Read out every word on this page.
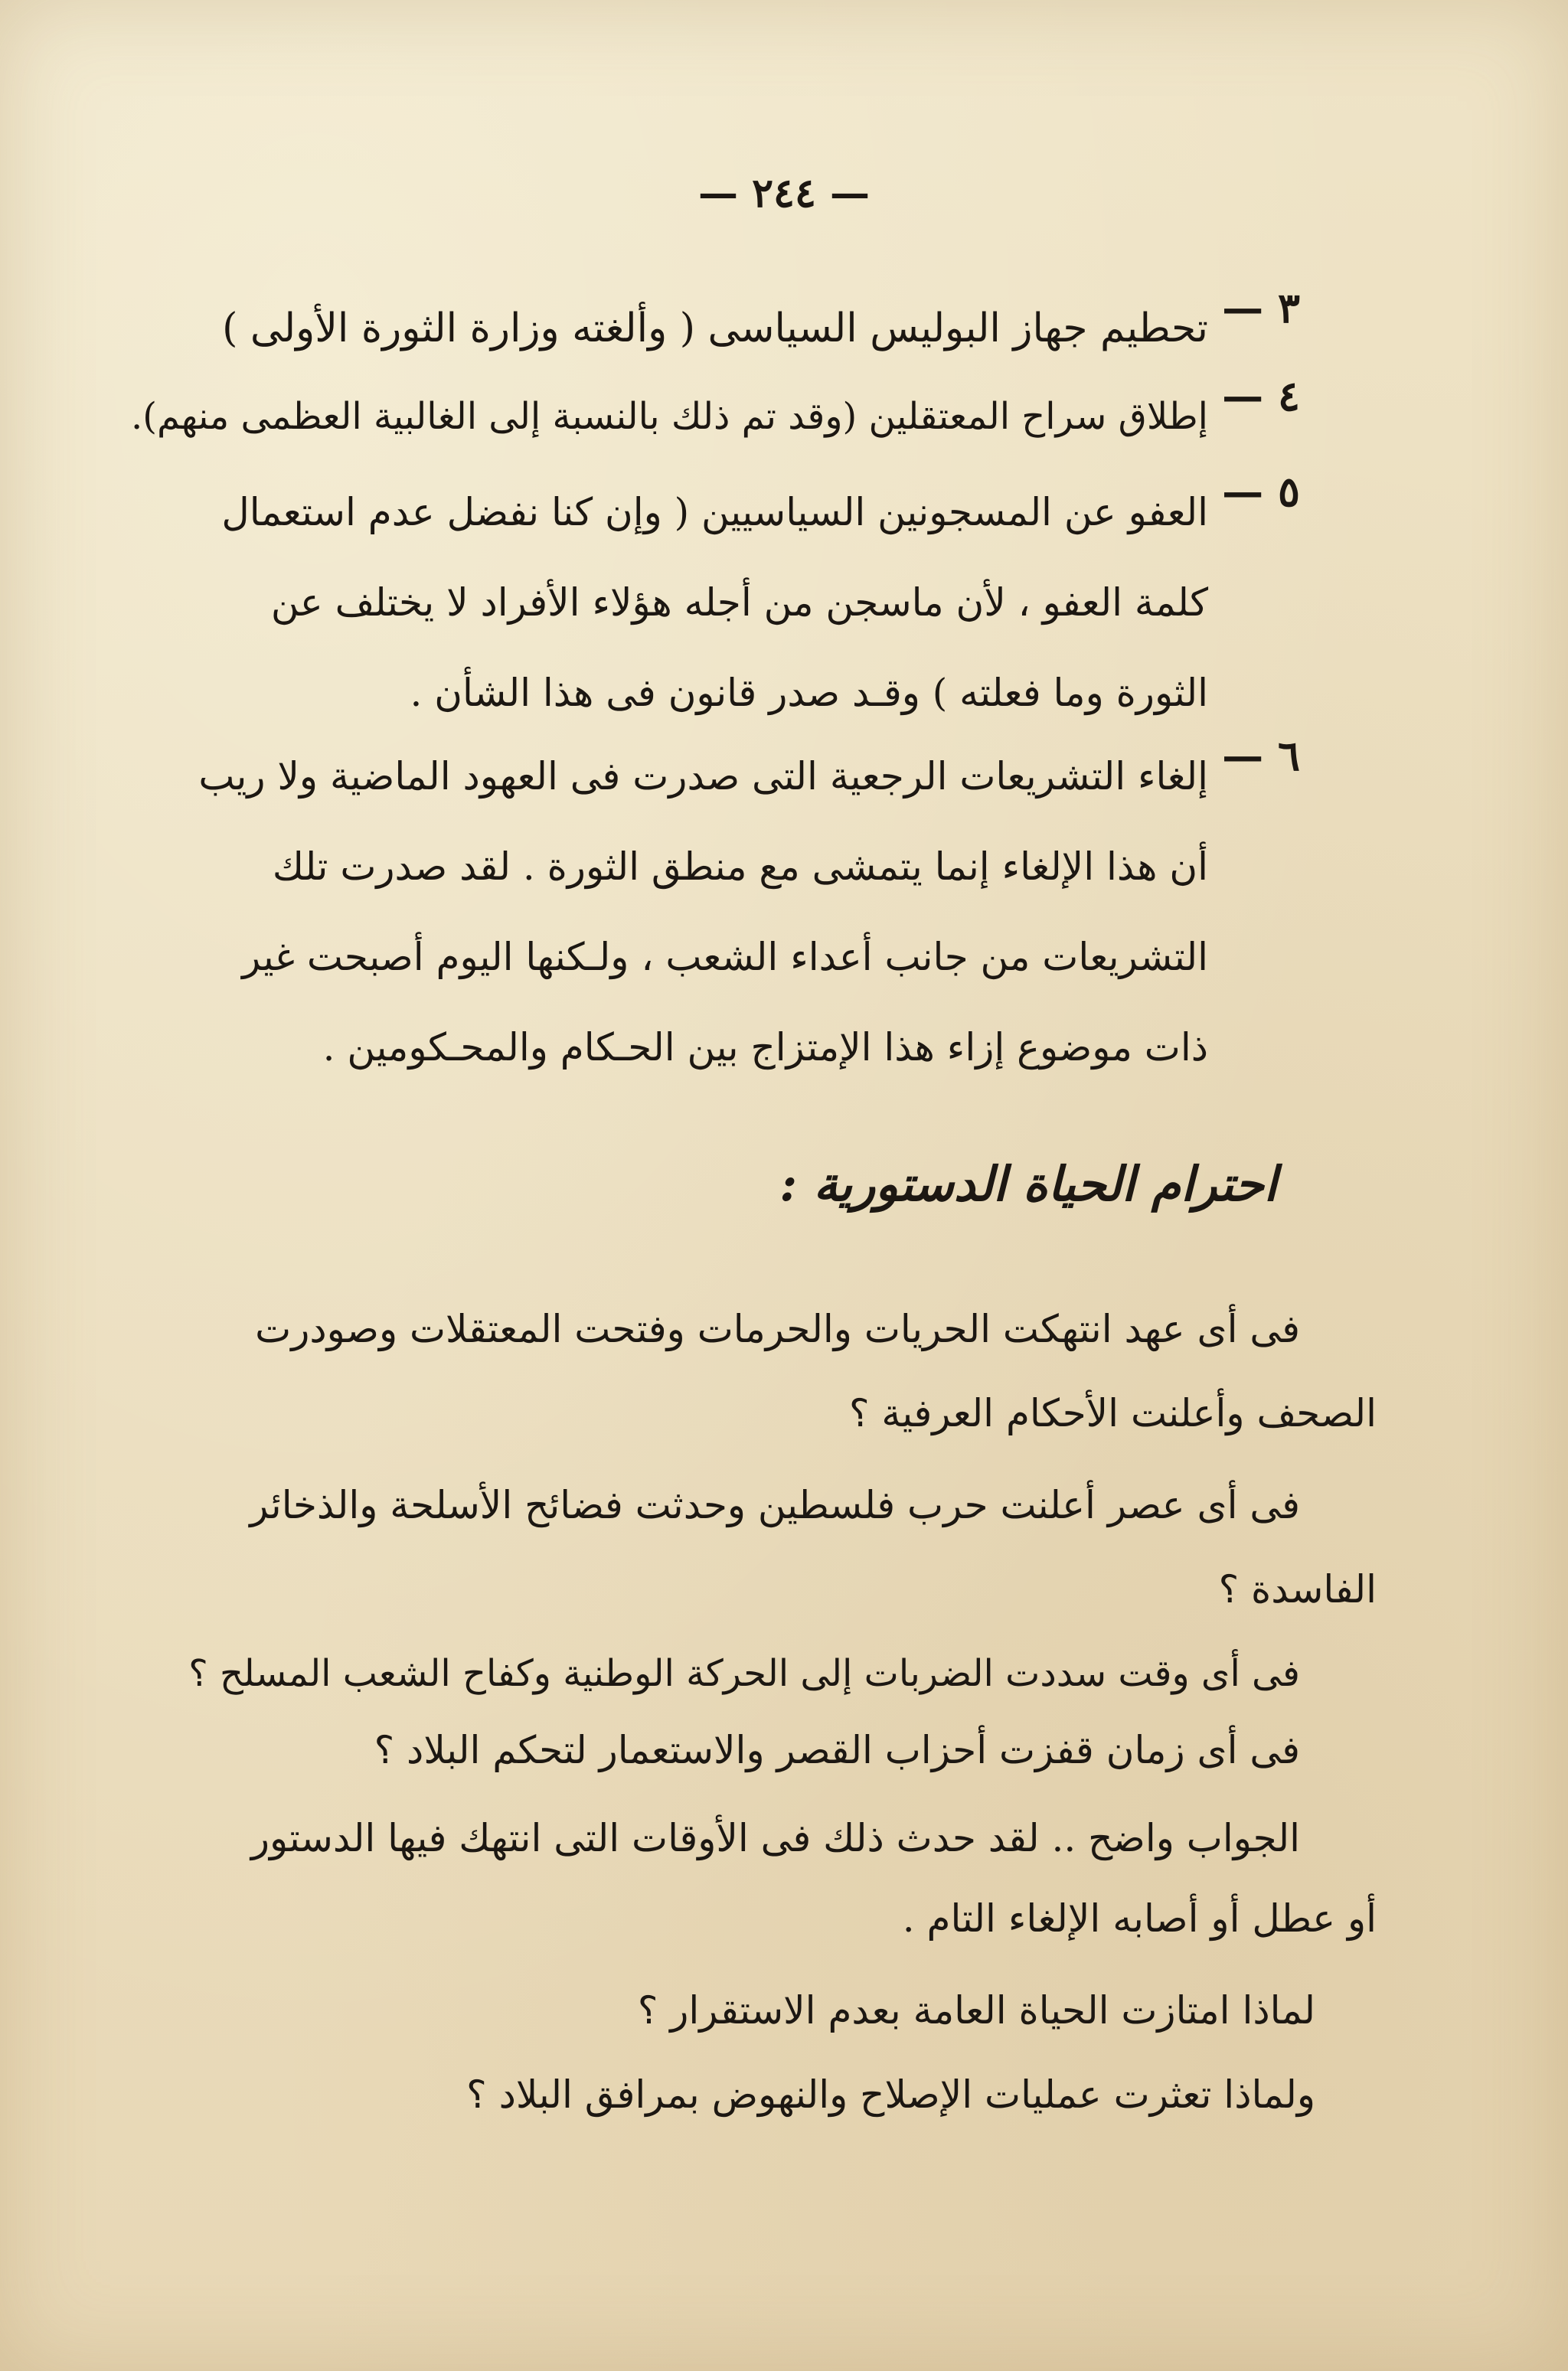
— ٢٤٤ —
٣ —
تحطيم جهاز البوليس السياسى ( وألغته وزارة الثورة الأولى )
٤ —
إطلاق سراح المعتقلين (وقد تم ذلك بالنسبة إلى الغالبية العظمى منهم).
٥ —
العفو عن المسجونين السياسيين ( وإن كنا نفضل عدم استعمال
كلمة العفو ، لأن ماسجن من أجله هؤلاء الأفراد لا يختلف عن
الثورة وما فعلته ) وقـد صدر قانون فى هذا الشأن .
٦ —
إلغاء التشريعات الرجعية التى صدرت فى العهود الماضية ولا ريب
أن هذا الإلغاء إنما يتمشى مع منطق الثورة . لقد صدرت تلك
التشريعات من جانب أعداء الشعب ، ولـكنها اليوم أصبحت غير
ذات موضوع إزاء هذا الإمتزاج بين الحـكام والمحـكومين .
احترام الحياة الدستورية :
فى أى عهد انتهكت الحريات والحرمات وفتحت المعتقلات وصودرت
الصحف وأعلنت الأحكام العرفية ؟
فى أى عصر أعلنت حرب فلسطين وحدثت فضائح الأسلحة والذخائر
الفاسدة ؟
فى أى وقت سددت الضربات إلى الحركة الوطنية وكفاح الشعب المسلح ؟
فى أى زمان قفزت أحزاب القصر والاستعمار لتحكم البلاد ؟
الجواب واضح .. لقد حدث ذلك فى الأوقات التى انتهك فيها الدستور
أو عطل أو أصابه الإلغاء التام .
لماذا امتازت الحياة العامة بعدم الاستقرار ؟
ولماذا تعثرت عمليات الإصلاح والنهوض بمرافق البلاد ؟
